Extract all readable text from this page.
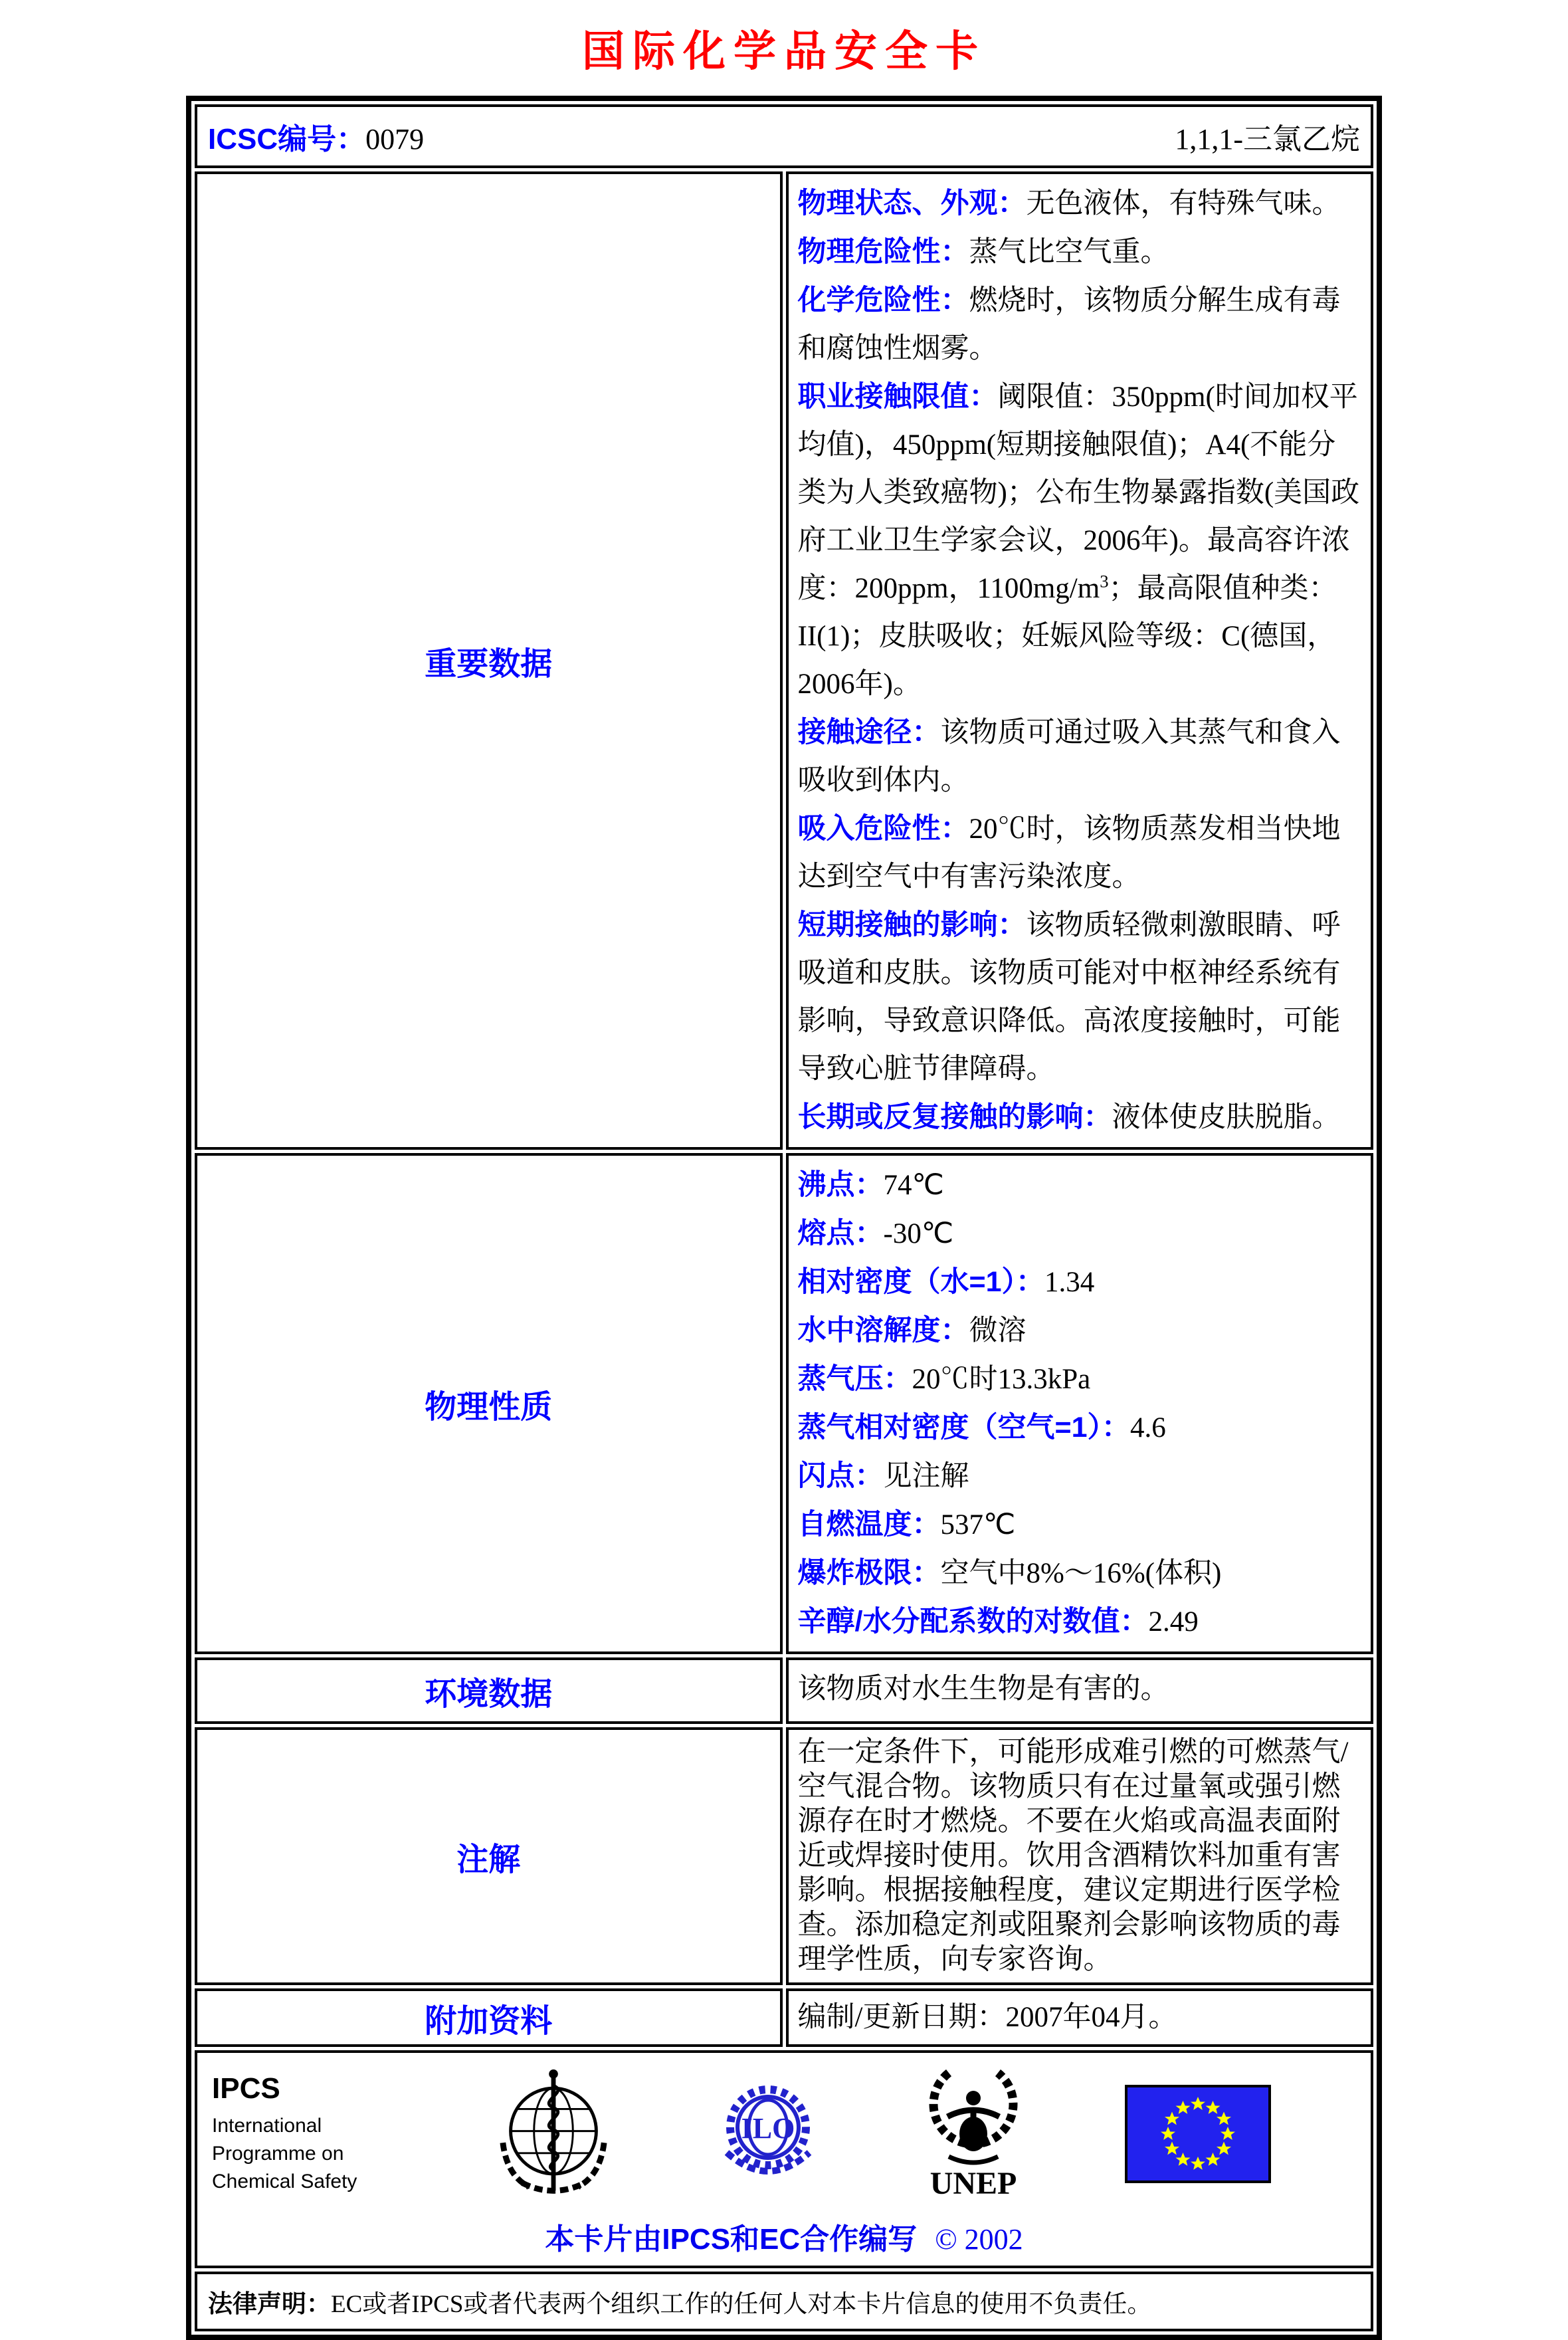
国际化学品安全卡
ICSC编号：0079 1,1,1-三氯乙烷	

重要数据	
物理状态、外观：无色液体，有特殊气味。
物理危险性：蒸气比空气重。
化学危险性：燃烧时，该物质分解生成有毒和腐蚀性烟雾。
职业接触限值：阈限值：350ppm(时间加权平均值)，450ppm(短期接触限值)；A4(不能分类为人类致癌物)；公布生物暴露指数(美国政府工业卫生学家会议，2006年)。最高容许浓度：200ppm，$1100mg/m^3$；最高限值种类：II(1)；皮肤吸收；妊娠风险等级：C(德国，2006年)。
接触途径：该物质可通过吸入其蒸气和食入吸收到体内。
吸入危险性：20℃时，该物质蒸发相当快地达到空气中有害污染浓度。
短期接触的影响：该物质轻微刺激眼睛、呼吸道和皮肤。该物质可能对中枢神经系统有影响，导致意识降低。高浓度接触时，可能导致心脏节律障碍。
长期或反复接触的影响：液体使皮肤脱脂。

物理性质	
沸点：74℃
熔点：-30℃
相对密度（水=1）：1.34
水中溶解度：微溶
蒸气压：20℃时13.3kPa
蒸气相对密度（空气=1）：4.6
闪点：见注解
自燃温度：537℃
爆炸极限：空气中8%～16%(体积)
辛醇/水分配系数的对数值：2.49

环境数据	该物质对水生生物是有害的。

注解	在一定条件下，可能形成难引燃的可燃蒸气/空气混合物。该物质只有在过量氧或强引燃源存在时才燃烧。不要在火焰或高温表面附近或焊接时使用。饮用含酒精饮料加重有害影响。根据接触程度，建议定期进行医学检查。添加稳定剂或阻聚剂会影响该物质的毒理学性质，向专家咨询。

附加资料	编制/更新日期：2007年04月。

IPCS
International
Programme on
Chemical Safety
ILO
UNEP
本卡片由IPCS和EC合作编写 © 2002

法律声明：EC或者IPCS或者代表两个组织工作的任何人对本卡片信息的使用不负责任。	
